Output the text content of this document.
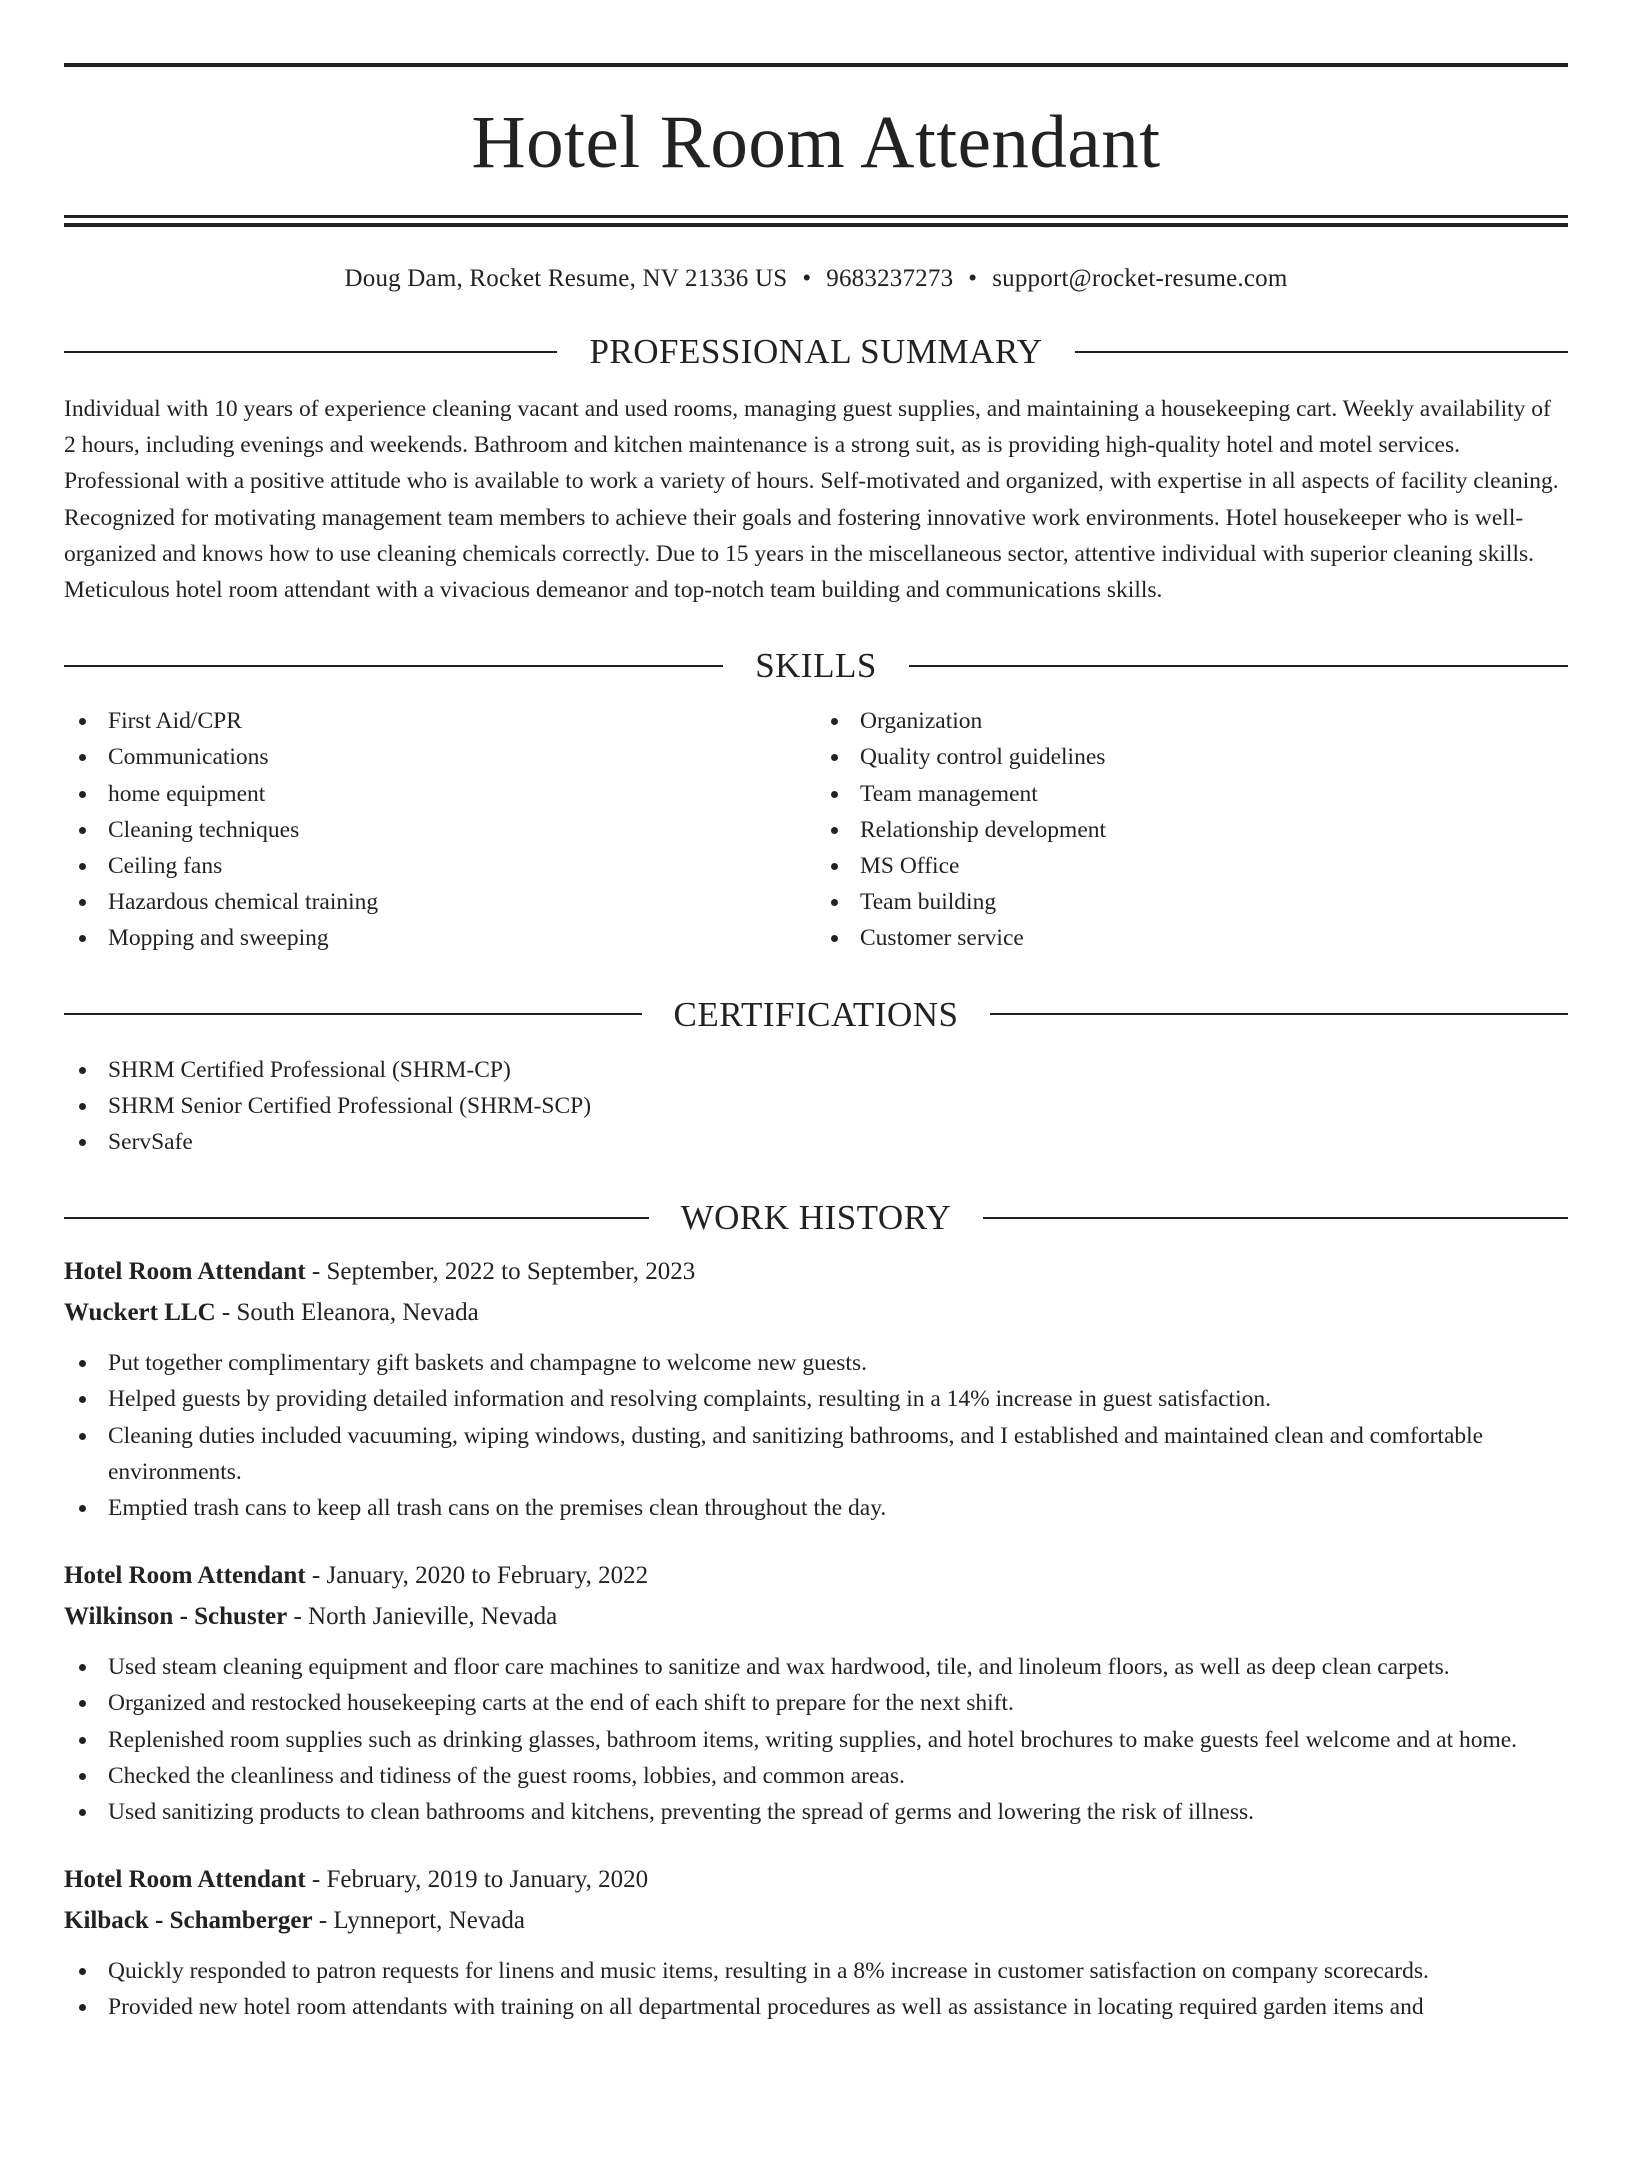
Hotel Room Attendant
Doug Dam, Rocket Resume, NV 21336 US • 9683237273 • support@rocket-resume.com
PROFESSIONAL SUMMARY

Individual with 10 years of experience cleaning vacant and used rooms, managing guest supplies, and maintaining a housekeeping cart. Weekly availability of 2 hours, including evenings and weekends. Bathroom and kitchen maintenance is a strong suit, as is providing high-quality hotel and motel services. Professional with a positive attitude who is available to work a variety of hours. Self-motivated and organized, with expertise in all aspects of facility cleaning. Recognized for motivating management team members to achieve their goals and fostering innovative work environments. Hotel housekeeper who is well-organized and knows how to use cleaning chemicals correctly. Due to 15 years in the miscellaneous sector, attentive individual with superior cleaning skills. Meticulous hotel room attendant with a vivacious demeanor and top-notch team building and communications skills.

SKILLS
First Aid/CPR
Communications
home equipment
Cleaning techniques
Ceiling fans
Hazardous chemical training
Mopping and sweeping
Organization
Quality control guidelines
Team management
Relationship development
MS Office
Team building
Customer service
CERTIFICATIONS
SHRM Certified Professional (SHRM-CP)
SHRM Senior Certified Professional (SHRM-SCP)
ServSafe
WORK HISTORY
Hotel Room Attendant - September, 2022 to September, 2023
Wuckert LLC - South Eleanora, Nevada
Put together complimentary gift baskets and champagne to welcome new guests.
Helped guests by providing detailed information and resolving complaints, resulting in a 14% increase in guest satisfaction.
Cleaning duties included vacuuming, wiping windows, dusting, and sanitizing bathrooms, and I established and maintained clean and comfortable environments.
Emptied trash cans to keep all trash cans on the premises clean throughout the day.
Hotel Room Attendant - January, 2020 to February, 2022
Wilkinson - Schuster - North Janieville, Nevada
Used steam cleaning equipment and floor care machines to sanitize and wax hardwood, tile, and linoleum floors, as well as deep clean carpets.
Organized and restocked housekeeping carts at the end of each shift to prepare for the next shift.
Replenished room supplies such as drinking glasses, bathroom items, writing supplies, and hotel brochures to make guests feel welcome and at home.
Checked the cleanliness and tidiness of the guest rooms, lobbies, and common areas.
Used sanitizing products to clean bathrooms and kitchens, preventing the spread of germs and lowering the risk of illness.
Hotel Room Attendant - February, 2019 to January, 2020
Kilback - Schamberger - Lynneport, Nevada
Quickly responded to patron requests for linens and music items, resulting in a 8% increase in customer satisfaction on company scorecards.
Provided new hotel room attendants with training on all departmental procedures as well as assistance in locating required garden items and
